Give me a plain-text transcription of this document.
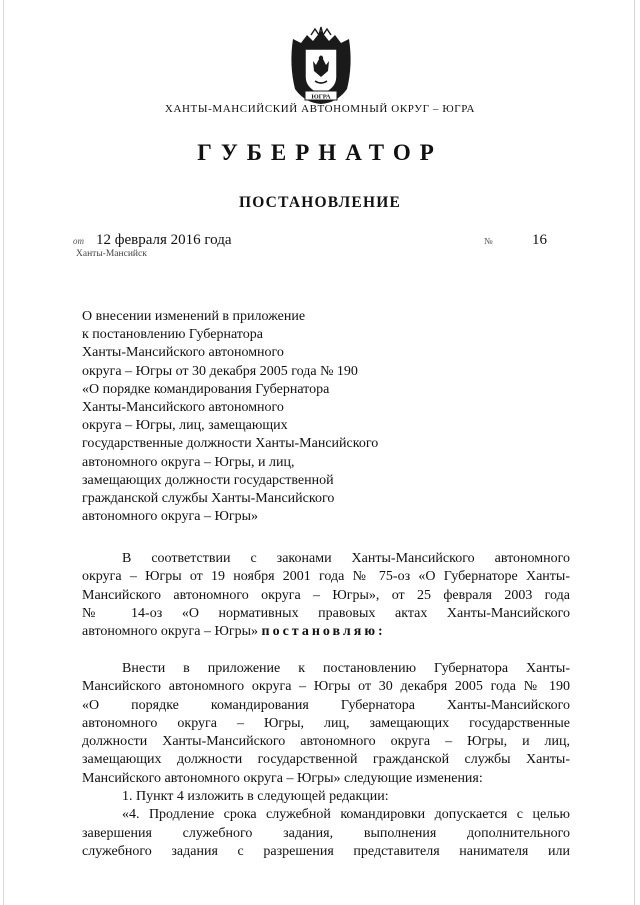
ЮГРА
ХАНТЫ-МАНСИЙСКИЙ АВТОНОМНЫЙ ОКРУГ – ЮГРА
ГУБЕРНАТОР
ПОСТАНОВЛЕНИЕ
от 12 февраля 2016 года	№	16
Ханты-Мансийск
О внесении изменений в приложение
к постановлению Губернатора
Ханты-Мансийского автономного
округа – Югры от 30 декабря 2005 года № 190
«О порядке командирования Губернатора
Ханты-Мансийского автономного
округа – Югры, лиц, замещающих
государственные должности Ханты-Мансийского
автономного округа – Югры, и лиц,
замещающих должности государственной
гражданской службы Ханты-Мансийского
автономного округа – Югры»
В соответствии с законами Ханты-Мансийского автономного
округа – Югры от 19 ноября 2001 года № 75-оз «О Губернаторе Ханты-
Мансийского автономного округа – Югры», от 25 февраля 2003 года
№ 14-оз «О нормативных правовых актах Ханты-Мансийского
автономного округа – Югры» постановляю:
Внести в приложение к постановлению Губернатора Ханты-
Мансийского автономного округа – Югры от 30 декабря 2005 года № 190
«О порядке командирования Губернатора Ханты-Мансийского
автономного округа – Югры, лиц, замещающих государственные
должности Ханты-Мансийского автономного округа – Югры, и лиц,
замещающих должности государственной гражданской службы Ханты-
Мансийского автономного округа – Югры» следующие изменения:
1. Пункт 4 изложить в следующей редакции:
«4. Продление срока служебной командировки допускается с целью
завершения служебного задания, выполнения дополнительного
служебного задания с разрешения представителя нанимателя или
